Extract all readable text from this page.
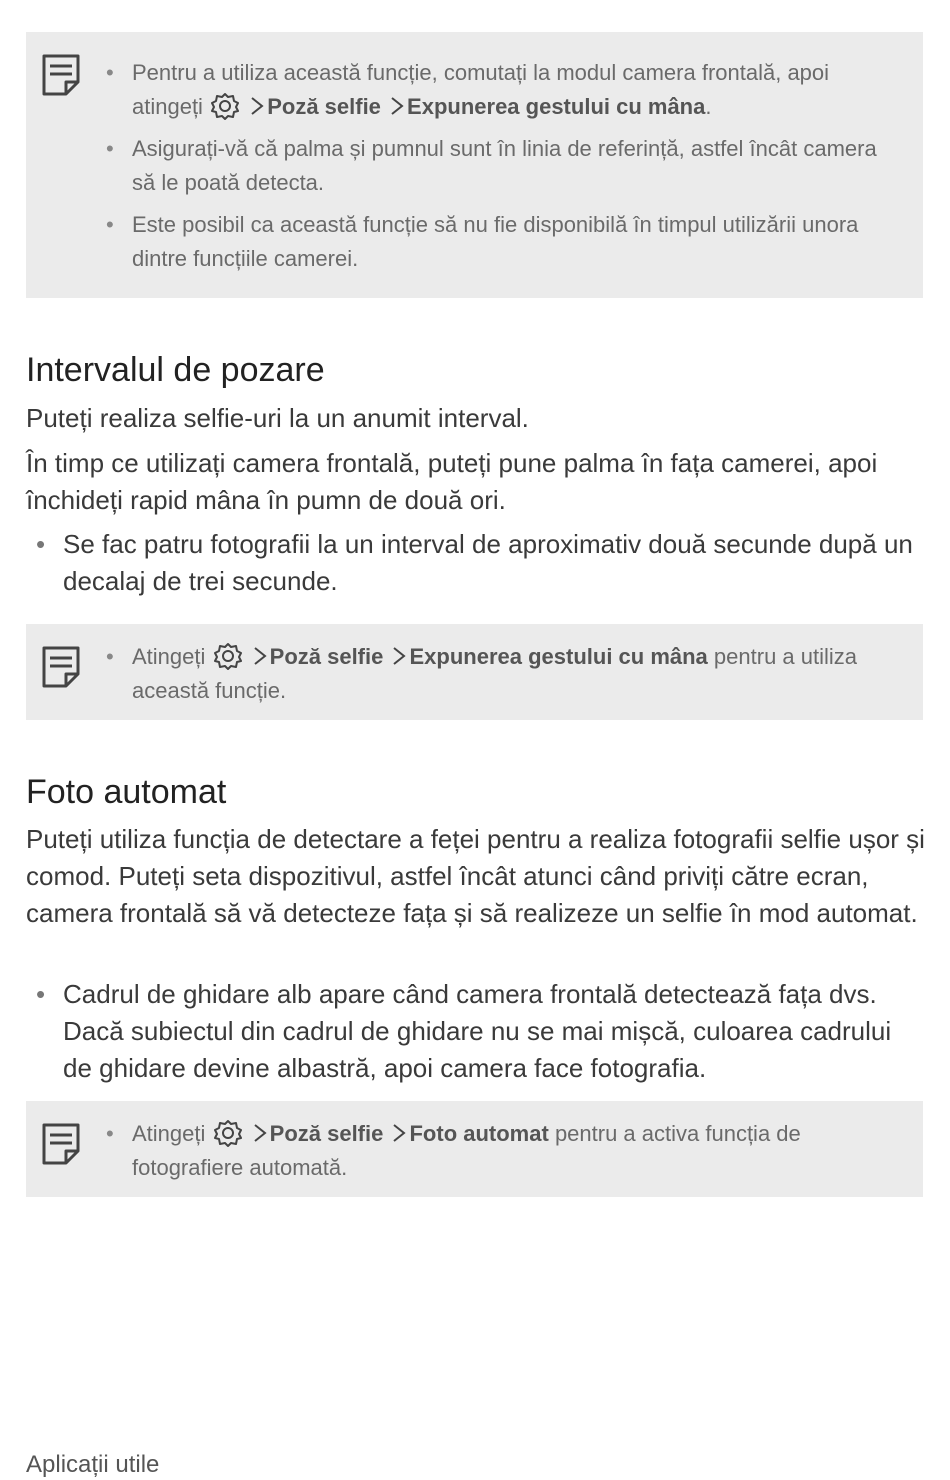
• Pentru a utiliza această funcție, comutați la modul camera frontală, apoi atingeți	Poză selfie Expunerea gestului cu mâna.
• Asigurați-vă că palma și pumnul sunt în linia de referință, astfel încât camera să le poată detecta.
• Este posibil ca această funcție să nu fie disponibilă în timpul utilizării unora dintre funcțiile camerei.
Intervalul de pozare

Puteți realiza selfie-uri la un anumit interval.

În timp ce utilizați camera frontală, puteți pune palma în fața camerei, apoi închideți rapid mâna în pumn de două ori.

• Se fac patru fotografii la un interval de aproximativ două secunde după un decalaj de trei secunde.

• Atingeți	Poză selfie Expunerea gestului cu mâna pentru a utiliza această funcție.
Foto automat

Puteți utiliza funcția de detectare a feței pentru a realiza fotografii selfie ușor și comod. Puteți seta dispozitivul, astfel încât atunci când priviți către ecran, camera frontală să vă detecteze fața și să realizeze un selfie în mod automat.

• Cadrul de ghidare alb apare când camera frontală detectează fața dvs. Dacă subiectul din cadrul de ghidare nu se mai mișcă, culoarea cadrului de ghidare devine albastră, apoi camera face fotografia.

• Atingeți	Poză selfie Foto automat pentru a activa funcția de fotografiere automată.

Aplicații utile
